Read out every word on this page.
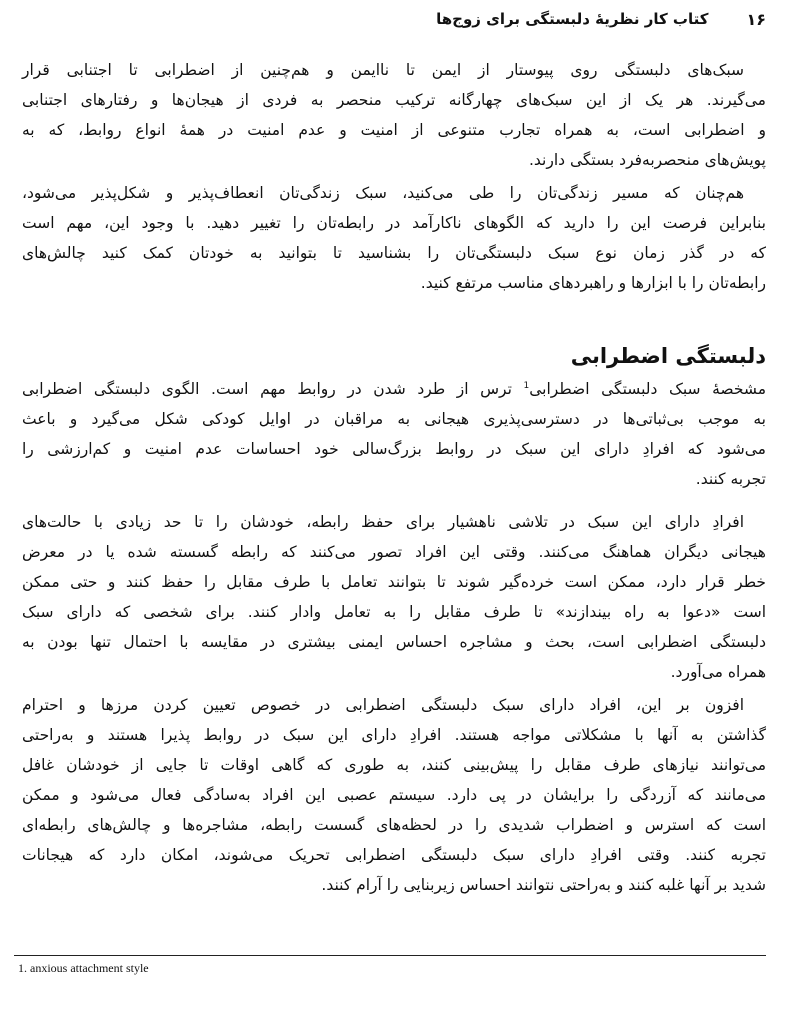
۱۶
کتاب کار نظریهٔ دلبستگی برای زوج‌ها
سبک‌های دلبستگی روی پیوستار از ایمن تا ناایمن و هم‌چنین از اضطرابی تا اجتنابی قرار
می‌گیرند. هر یک از این سبک‌های چهارگانه ترکیب منحصر به فردی از هیجان‌ها و رفتارهای اجتنابی
و اضطرابی است، به همراه تجارب متنوعی از امنیت و عدم امنیت در همهٔ انواع روابط، که به
پویش‌های منحصربه‌فرد بستگی دارند.
هم‌چنان که مسیر زندگی‌تان را طی می‌کنید، سبک زندگی‌تان انعطاف‌پذیر و شکل‌پذیر می‌شود،
بنابراین فرصت این را دارید که الگوهای ناکارآمد در رابطه‌تان را تغییر دهید. با وجود این، مهم است
که در گذر زمان نوع سبک دلبستگی‌تان را بشناسید تا بتوانید به خودتان کمک کنید چالش‌های
رابطه‌تان را با ابزارها و راهبردهای مناسب مرتفع کنید.
دلبستگی اضطرابی
مشخصهٔ سبک دلبستگی اضطرابی$^1$ ترس از طرد شدن در روابط مهم است. الگوی دلبستگی اضطرابی
به موجب بی‌ثباتی‌ها در دسترسی‌پذیری هیجانی به مراقبان در اوایل کودکی شکل می‌گیرد و باعث
می‌شود که افرادِ دارای این سبک در روابط بزرگ‌سالی خود احساسات عدم امنیت و کم‌ارزشی را
تجربه کنند.
افرادِ دارای این سبک در تلاشی ناهشیار برای حفظ رابطه، خودشان را تا حد زیادی با حالت‌های
هیجانی دیگران هماهنگ می‌کنند. وقتی این افراد تصور می‌کنند که رابطه گسسته شده یا در معرض
خطر قرار دارد، ممکن است خرده‌گیر شوند تا بتوانند تعامل با طرف مقابل را حفظ کنند و حتی ممکن
است «دعوا به راه بیندازند» تا طرف مقابل را به تعامل وادار کنند. برای شخصی که دارای سبک
دلبستگی اضطرابی است، بحث و مشاجره احساس ایمنی بیشتری در مقایسه با احتمال تنها بودن به
همراه می‌آورد.
افزون بر این، افراد دارای سبک دلبستگی اضطرابی در خصوص تعیین کردن مرزها و احترام
گذاشتن به آنها با مشکلاتی مواجه هستند. افرادِ دارای این سبک در روابط پذیرا هستند و به‌راحتی
می‌توانند نیازهای طرف مقابل را پیش‌بینی کنند، به طوری که گاهی اوقات تا جایی از خودشان غافل
می‌مانند که آزردگی را برایشان در پی دارد. سیستم عصبی این افراد به‌سادگی فعال می‌شود و ممکن
است که استرس و اضطراب شدیدی را در لحظه‌های گسست رابطه، مشاجره‌ها و چالش‌های رابطه‌ای
تجربه کنند. وقتی افرادِ دارای سبک دلبستگی اضطرابی تحریک می‌شوند، امکان دارد که هیجانات
شدید بر آنها غلبه کنند و به‌راحتی نتوانند احساس زیربنایی را آرام کنند.
1. anxious attachment style
